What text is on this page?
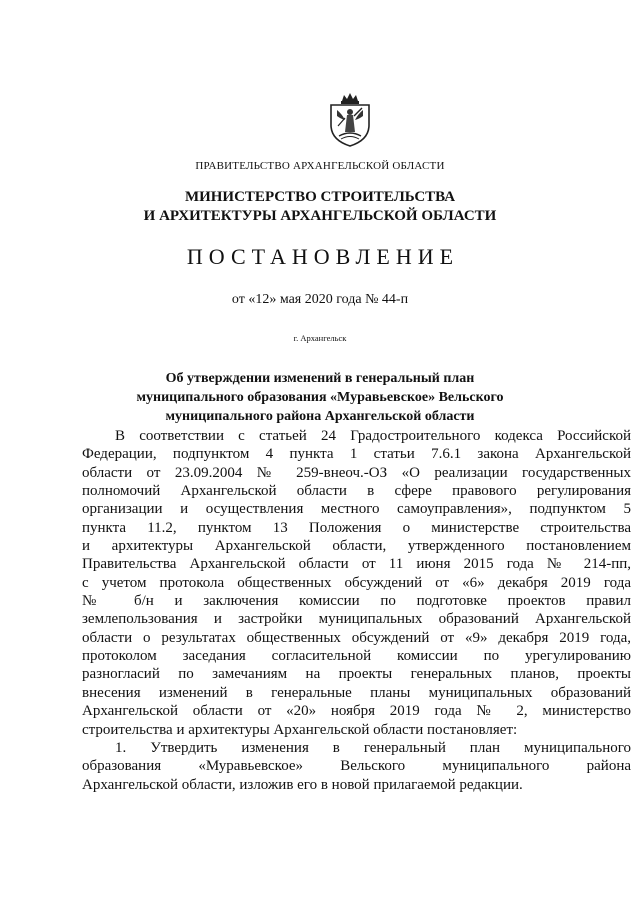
ПРАВИТЕЛЬСТВО АРХАНГЕЛЬСКОЙ ОБЛАСТИ
МИНИСТЕРСТВО СТРОИТЕЛЬСТВА
И АРХИТЕКТУРЫ АРХАНГЕЛЬСКОЙ ОБЛАСТИ
ПОСТАНОВЛЕНИЕ
от «12» мая 2020 года № 44-п
г. Архангельск
Об утверждении изменений в генеральный план
муниципального образования «Муравьевское» Вельского
муниципального района Архангельской области

В соответствии с статьей 24 Градостроительного кодекса Российской
Федерации, подпунктом 4 пункта 1 статьи 7.6.1 закона Архангельской
области от 23.09.2004 № 259-внеоч.-ОЗ «О реализации государственных
полномочий Архангельской области в сфере правового регулирования
организации и осуществления местного самоуправления», подпунктом 5
пункта 11.2, пунктом 13 Положения о министерстве строительства
и архитектуры Архангельской области, утвержденного постановлением
Правительства Архангельской области от 11 июня 2015 года № 214-пп,
с учетом протокола общественных обсуждений от «6» декабря 2019 года
№ б/н и заключения комиссии по подготовке проектов правил
землепользования и застройки муниципальных образований Архангельской
области о результатах общественных обсуждений от «9» декабря 2019 года,
протоколом заседания согласительной комиссии по урегулированию
разногласий по замечаниям на проекты генеральных планов, проекты
внесения изменений в генеральные планы муниципальных образований
Архангельской области от «20» ноября 2019 года № 2, министерство
строительства и архитектуры Архангельской области постановляет:

1. Утвердить изменения в генеральный план муниципального
образования «Муравьевское» Вельского муниципального района
Архангельской области, изложив его в новой прилагаемой редакции.
